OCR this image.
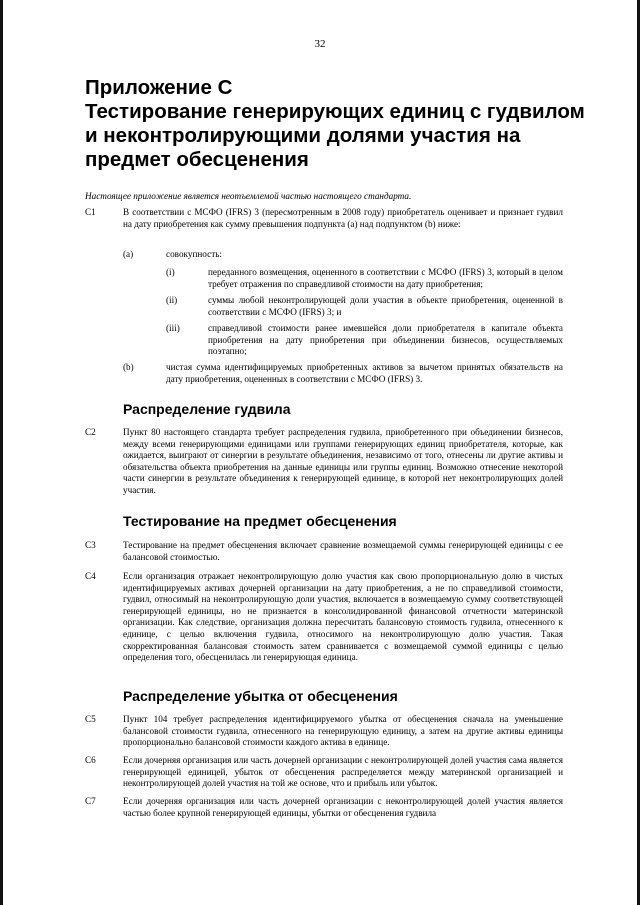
32
Приложение С
Тестирование генерирующих единиц с гудвилом
и неконтролирующими долями участия на
предмет обесценения
Настоящее приложение является неотъемлемой частью настоящего стандарта.
C1	В соответствии с МСФО (IFRS) 3 (пересмотренным в 2008 году) приобретатель оценивает и признает гудвил на дату приобретения как сумму превышения подпункта (а) над подпунктом (b) ниже:
(a)	совокупность:
(i)	переданного возмещения, оцененного в соответствии с МСФО (IFRS) 3, который в целом требует отражения по справедливой стоимости на дату приобретения;
(ii)	суммы любой неконтролирующей доли участия в объекте приобретения, оцененной в соответствии с МСФО (IFRS) 3; и
(iii)	справедливой стоимости ранее имевшейся доли приобретателя в капитале объекта приобретения на дату приобретения при объединении бизнесов, осуществляемых поэтапно;
(b)	чистая сумма идентифицируемых приобретенных активов за вычетом принятых обязательств на дату приобретения, оцененных в соответствии с МСФО (IFRS) 3.
Распределение гудвила
C2	Пункт 80 настоящего стандарта требует распределения гудвила, приобретенного при объединении бизнесов, между всеми генерирующими единицами или группами генерирующих единиц приобретателя, которые, как ожидается, выиграют от синергии в результате объединения, независимо от того, отнесены ли другие активы и обязательства объекта приобретения на данные единицы или группы единиц. Возможно отнесение некоторой части синергии в результате объединения к генерирующей единице, в которой нет неконтролирующих долей участия.
Тестирование на предмет обесценения
C3	Тестирование на предмет обесценения включает сравнение возмещаемой суммы генерирующей единицы с ее балансовой стоимостью.
C4	Если организация отражает неконтролирующую долю участия как свою пропорциональную долю в чистых идентифицируемых активах дочерней организации на дату приобретения, а не по справедливой стоимости, гудвил, относимый на неконтролирующую доли участия, включается в возмещаемую сумму соответствующей генерирующей единицы, но не признается в консолидированной финансовой отчетности материнской организации. Как следствие, организация должна пересчитать балансовую стоимость гудвила, отнесенного к единице, с целью включения гудвила, относимого на неконтролирующую долю участия. Такая скорректированная балансовая стоимость затем сравнивается с возмещаемой суммой единицы с целью определения того, обесценилась ли генерирующая единица.
Распределение убытка от обесценения
C5	Пункт 104 требует распределения идентифицируемого убытка от обесценения сначала на уменьшение балансовой стоимости гудвила, отнесенного на генерирующую единицу, а затем на другие активы единицы пропорционально балансовой стоимости каждого актива в единице.
C6	Если дочерняя организация или часть дочерней организации с неконтролирующей долей участия сама является генерирующей единицей, убыток от обесценения распределяется между материнской организацией и неконтролирующей долей участия на той же основе, что и прибыль или убыток.
C7	Если дочерняя организация или часть дочерней организации с неконтролирующей долей участия является частью более крупной генерирующей единицы, убытки от обесценения гудвила
